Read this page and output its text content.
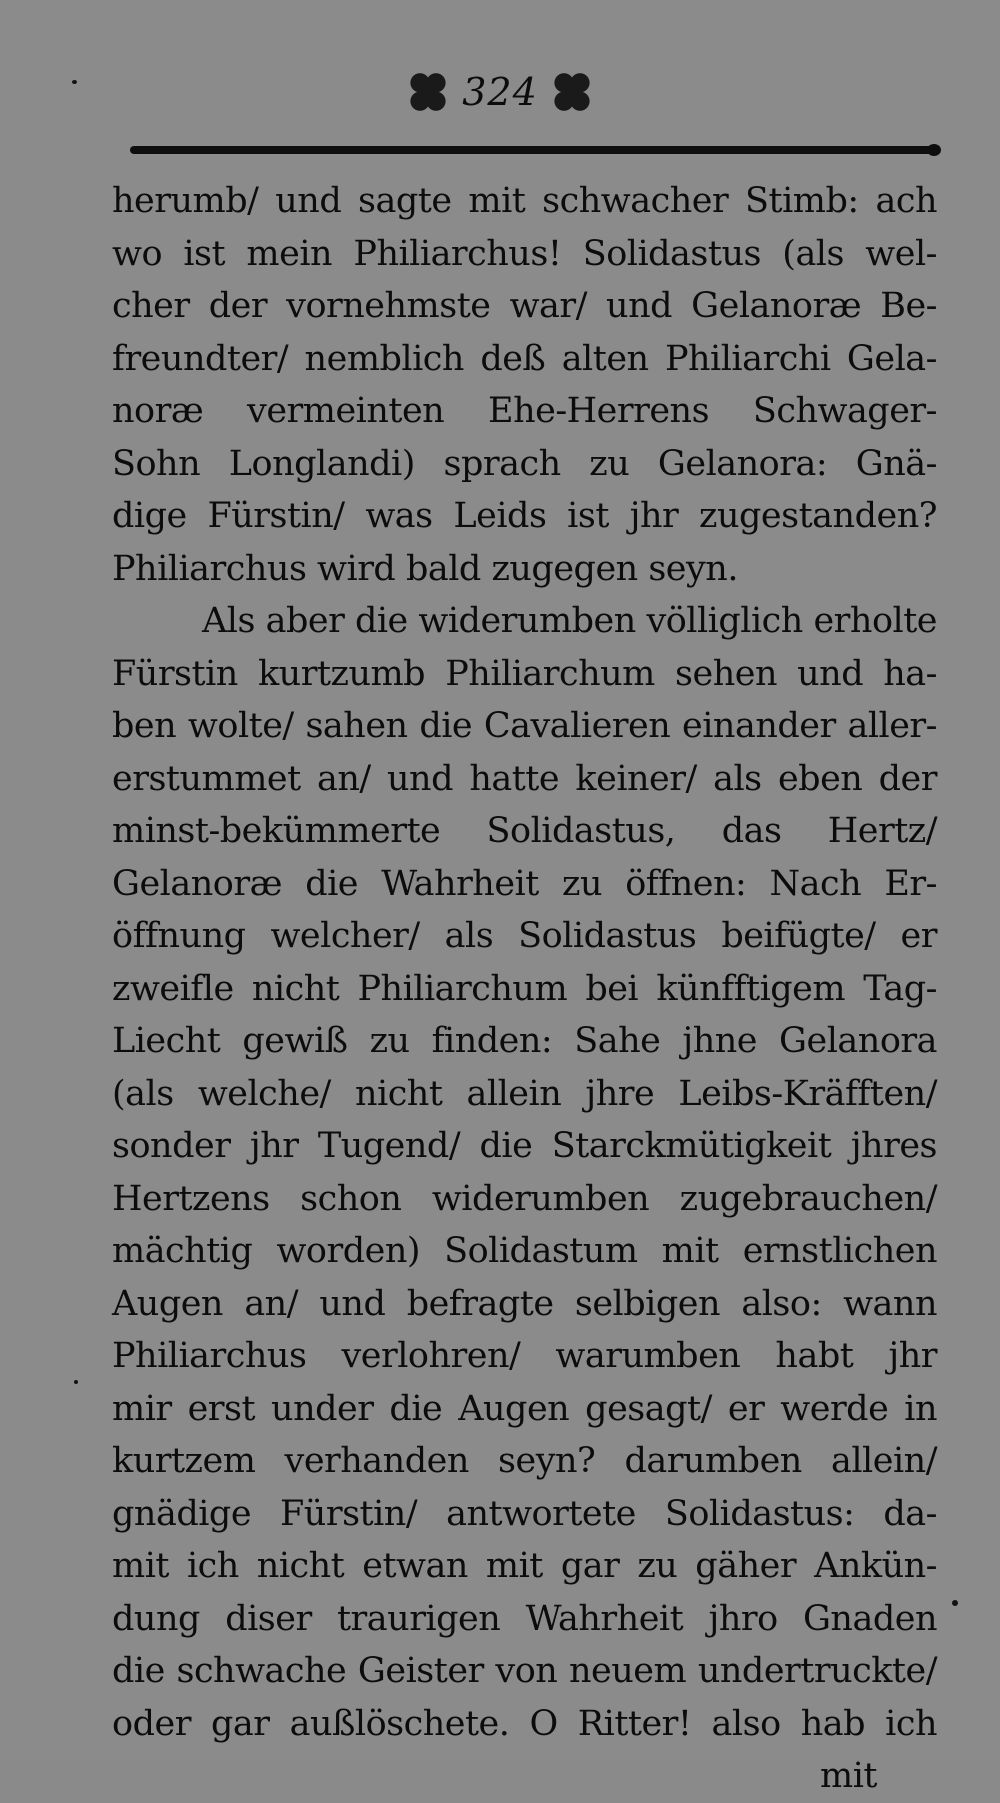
324
herumb/ und sagte mit schwacher Stimb: ach
wo ist mein Philiarchus! Solidastus (als wel-
cher der vornehmste war/ und Gelanoræ Be-
freundter/ nemblich deß alten Philiarchi Gela-
noræ vermeinten Ehe-Herrens Schwager-
Sohn Longlandi) sprach zu Gelanora: Gnä-
dige Fürstin/ was Leids ist jhr zugestanden?
Philiarchus wird bald zugegen seyn.
Als aber die widerumben völliglich erholte
Fürstin kurtzumb Philiarchum sehen und ha-
ben wolte/ sahen die Cavalieren einander aller-
erstummet an/ und hatte keiner/ als eben der
minst-bekümmerte Solidastus, das Hertz/
Gelanoræ die Wahrheit zu öffnen: Nach Er-
öffnung welcher/ als Solidastus beifügte/ er
zweifle nicht Philiarchum bei künfftigem Tag-
Liecht gewiß zu finden: Sahe jhne Gelanora
(als welche/ nicht allein jhre Leibs-Kräfften/
sonder jhr Tugend/ die Starckmütigkeit jhres
Hertzens schon widerumben zugebrauchen/
mächtig worden) Solidastum mit ernstlichen
Augen an/ und befragte selbigen also: wann
Philiarchus verlohren/ warumben habt jhr
mir erst under die Augen gesagt/ er werde in
kurtzem verhanden seyn? darumben allein/
gnädige Fürstin/ antwortete Solidastus: da-
mit ich nicht etwan mit gar zu gäher Ankün-
dung diser traurigen Wahrheit jhro Gnaden
die schwache Geister von neuem undertruckte/
oder gar außlöschete. O Ritter! also hab ich
mit
